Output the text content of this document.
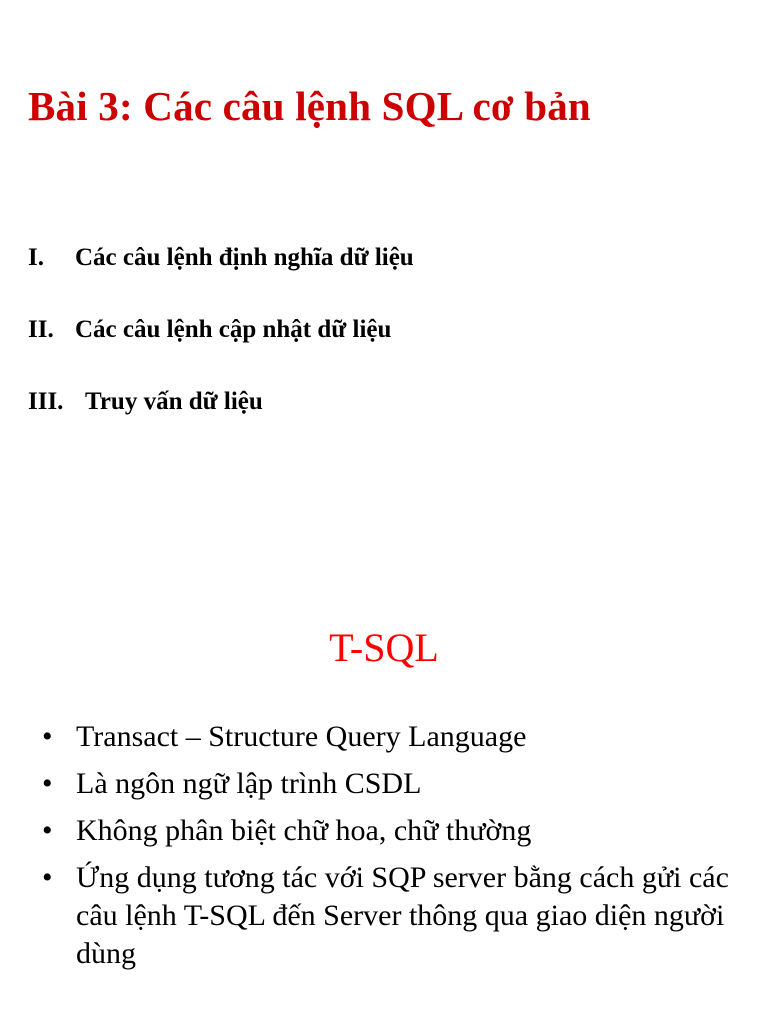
Bài 3: Các câu lệnh SQL cơ bản
I. Các câu lệnh định nghĩa dữ liệu
II. Các câu lệnh cập nhật dữ liệu
III. Truy vấn dữ liệu
T-SQL
• Transact – Structure Query Language
• Là ngôn ngữ lập trình CSDL
• Không phân biệt chữ hoa, chữ thường
• Ứng dụng tương tác với SQP server bằng cách gửi các câu lệnh T-SQL đến Server thông qua giao diện người dùng
